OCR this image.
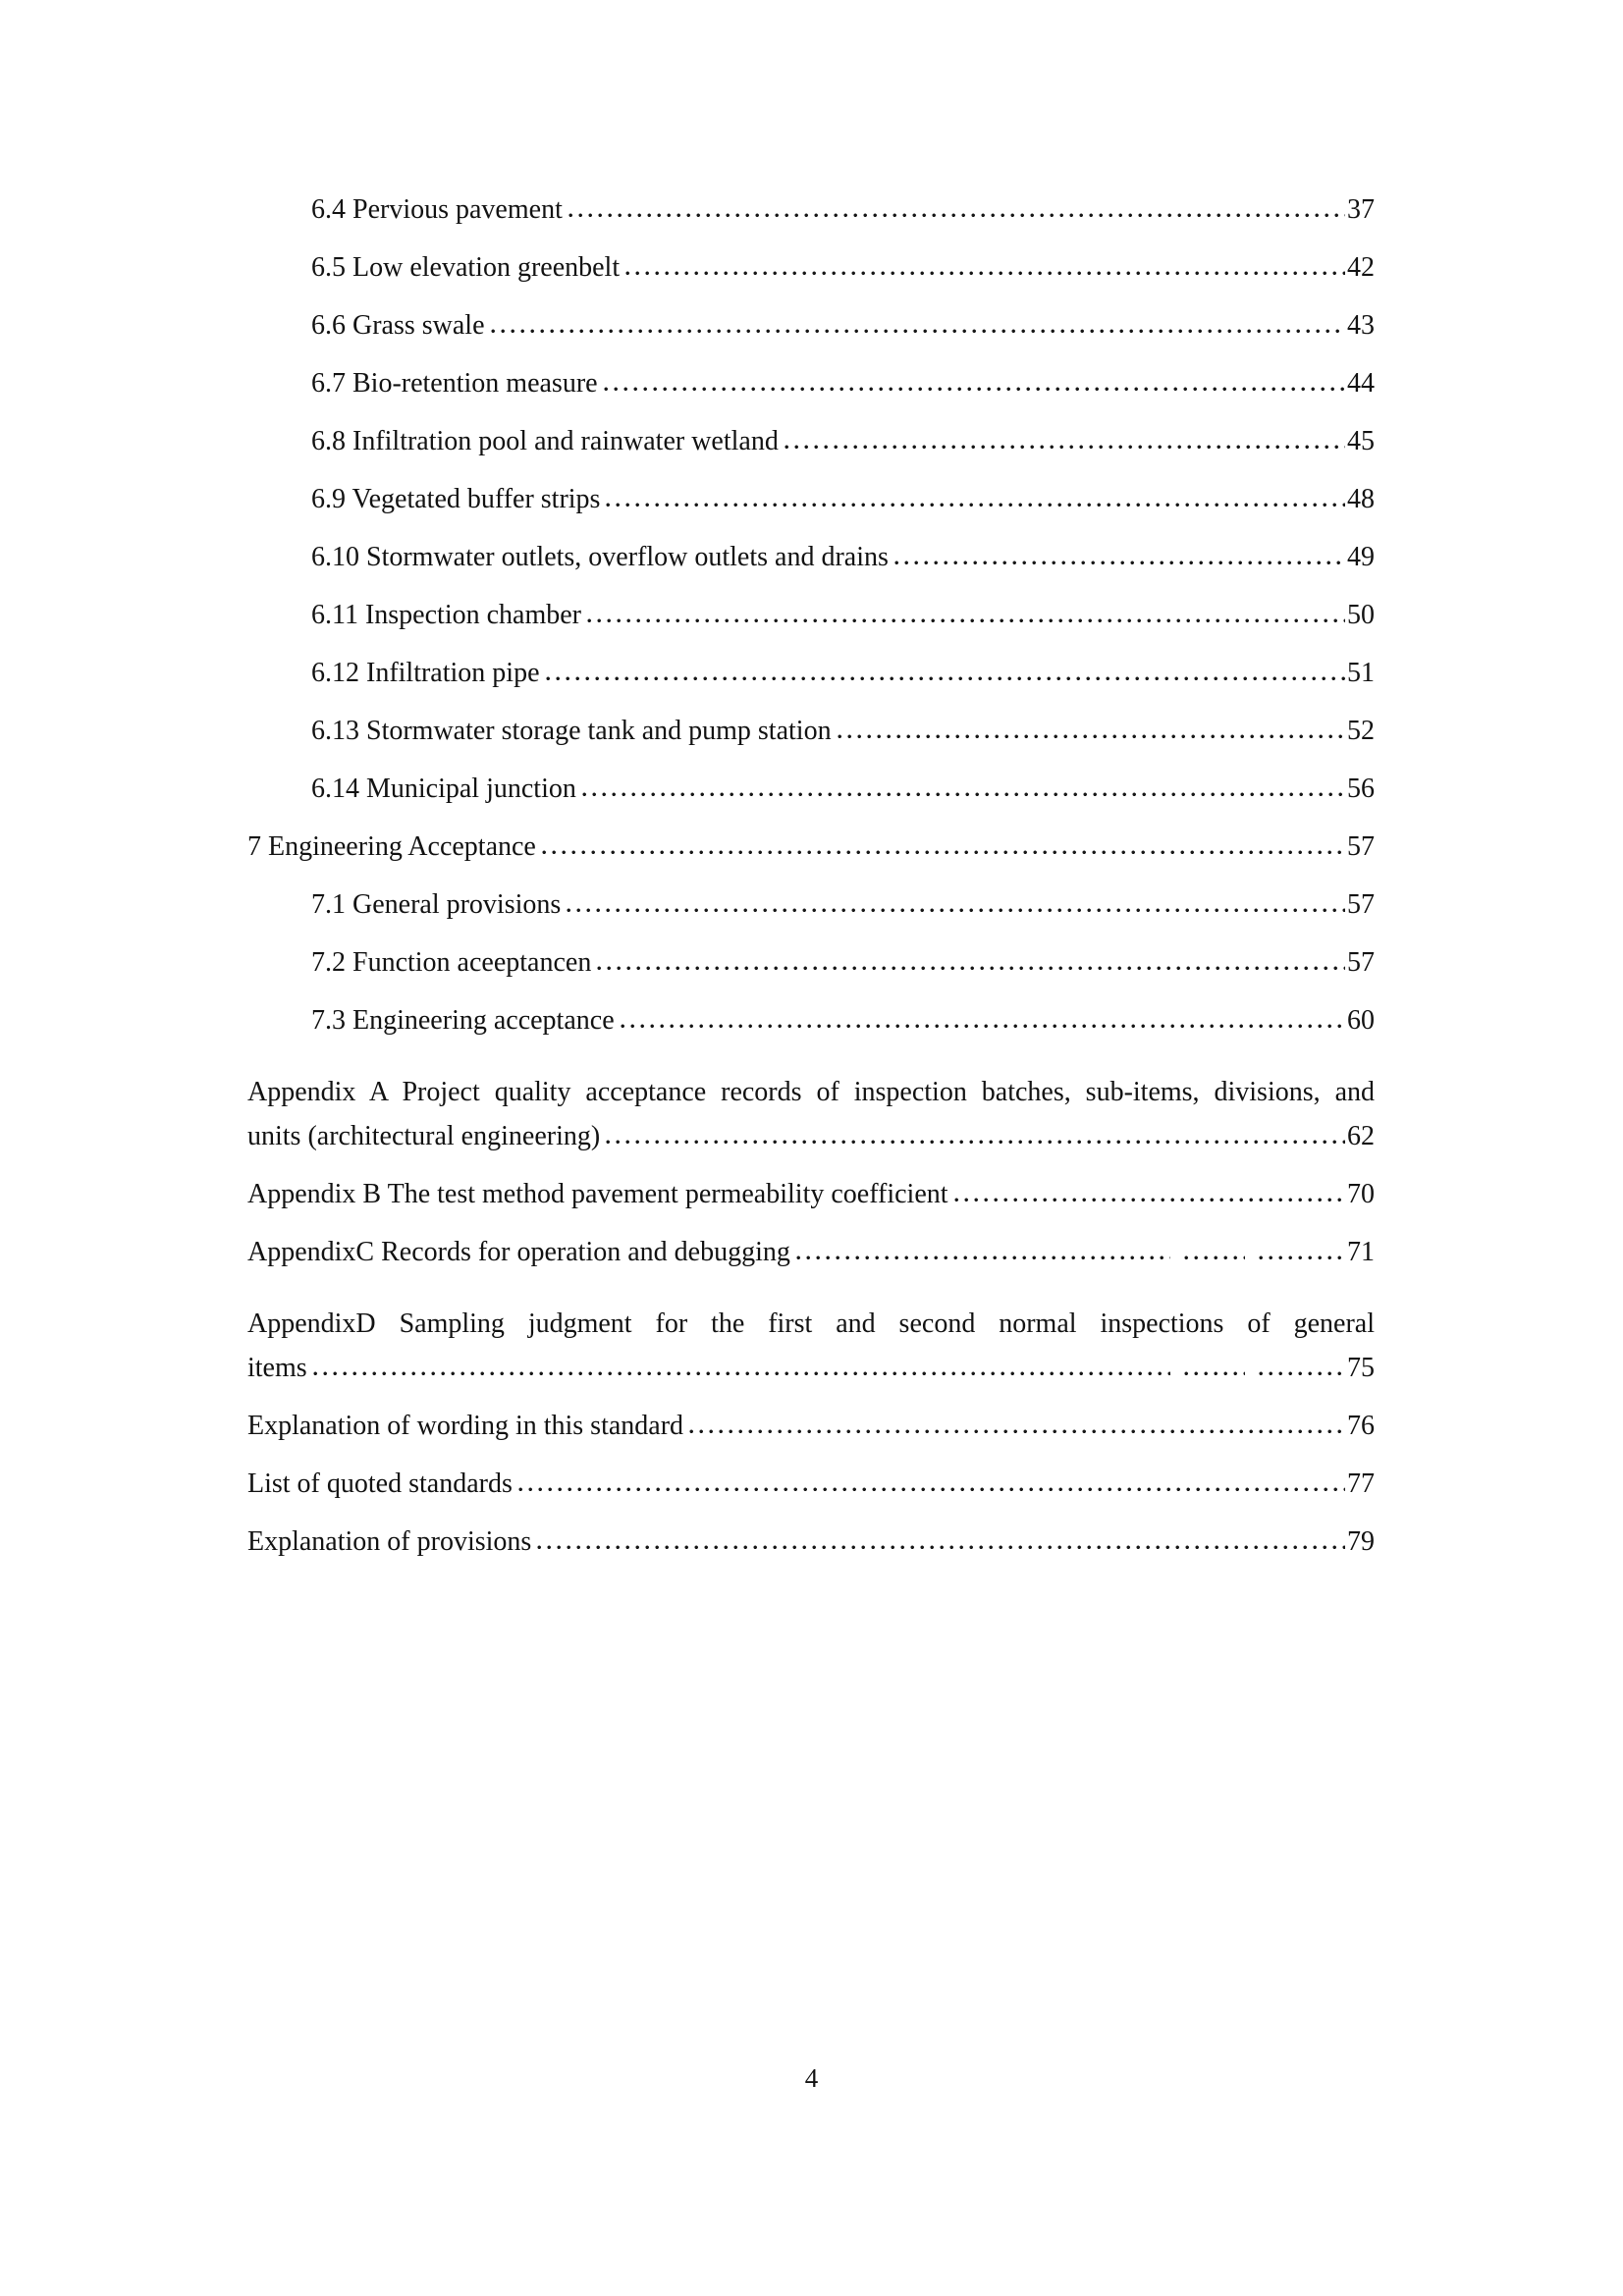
6.4 Pervious pavement	37
6.5 Low elevation greenbelt	42
6.6 Grass swale	43
6.7 Bio-retention measure	44
6.8 Infiltration pool and rainwater wetland	45
6.9 Vegetated buffer strips	48
6.10 Stormwater outlets, overflow outlets and drains	49
6.11 Inspection chamber	50
6.12 Infiltration pipe	51
6.13 Stormwater storage tank and pump station	52
6.14 Municipal junction	56
7 Engineering Acceptance	57
7.1 General provisions	57
7.2 Function aceeptancen	57
7.3 Engineering acceptance	60
Appendix A Project quality acceptance records of inspection batches, sub-items, divisions, and
units (architectural engineering)	62
Appendix B The test method pavement permeability coefficient	70
AppendixC Records for operation and debugging	71
AppendixD Sampling judgment for the first and second normal inspections of general
items	75
Explanation of wording in this standard	76
List of quoted standards	77
Explanation of provisions	79
4
